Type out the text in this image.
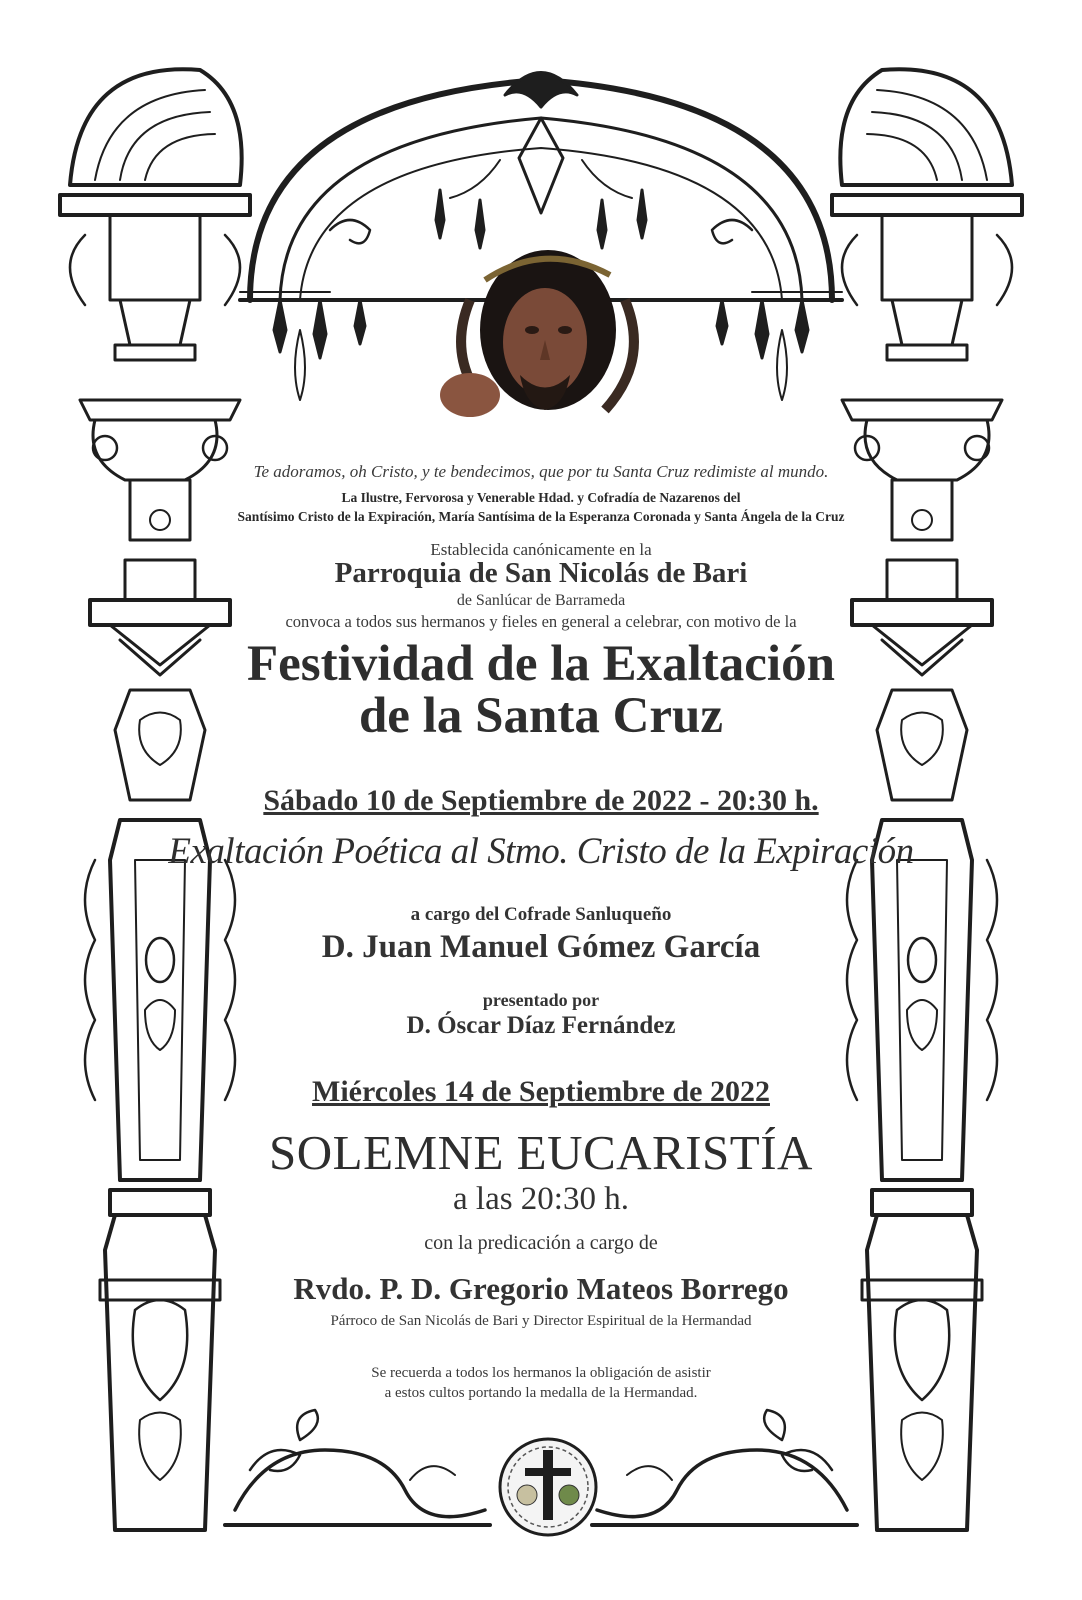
Te adoramos, oh Cristo, y te bendecimos, que por tu Santa Cruz redimiste al mundo.
La Ilustre, Fervorosa y Venerable Hdad. y Cofradía de Nazarenos del
Santísimo Cristo de la Expiración, María Santísima de la Esperanza Coronada y Santa Ángela de la Cruz
Establecida canónicamente en la
Parroquia de San Nicolás de Bari
de Sanlúcar de Barrameda
convoca a todos sus hermanos y fieles en general a celebrar, con motivo de la
Festividad de la Exaltación
de la Santa Cruz
Sábado 10 de Septiembre de 2022 - 20:30 h.
Exaltación Poética al Stmo. Cristo de la Expiración
a cargo del Cofrade Sanluqueño
D. Juan Manuel Gómez García
presentado por
D. Óscar Díaz Fernández
Miércoles 14 de Septiembre de 2022
SOLEMNE EUCARISTÍA
a las 20:30 h.
con la predicación a cargo de
Rvdo. P. D. Gregorio Mateos Borrego
Párroco de San Nicolás de Bari y Director Espiritual de la Hermandad
Se recuerda a todos los hermanos la obligación de asistir
a estos cultos portando la medalla de la Hermandad.
